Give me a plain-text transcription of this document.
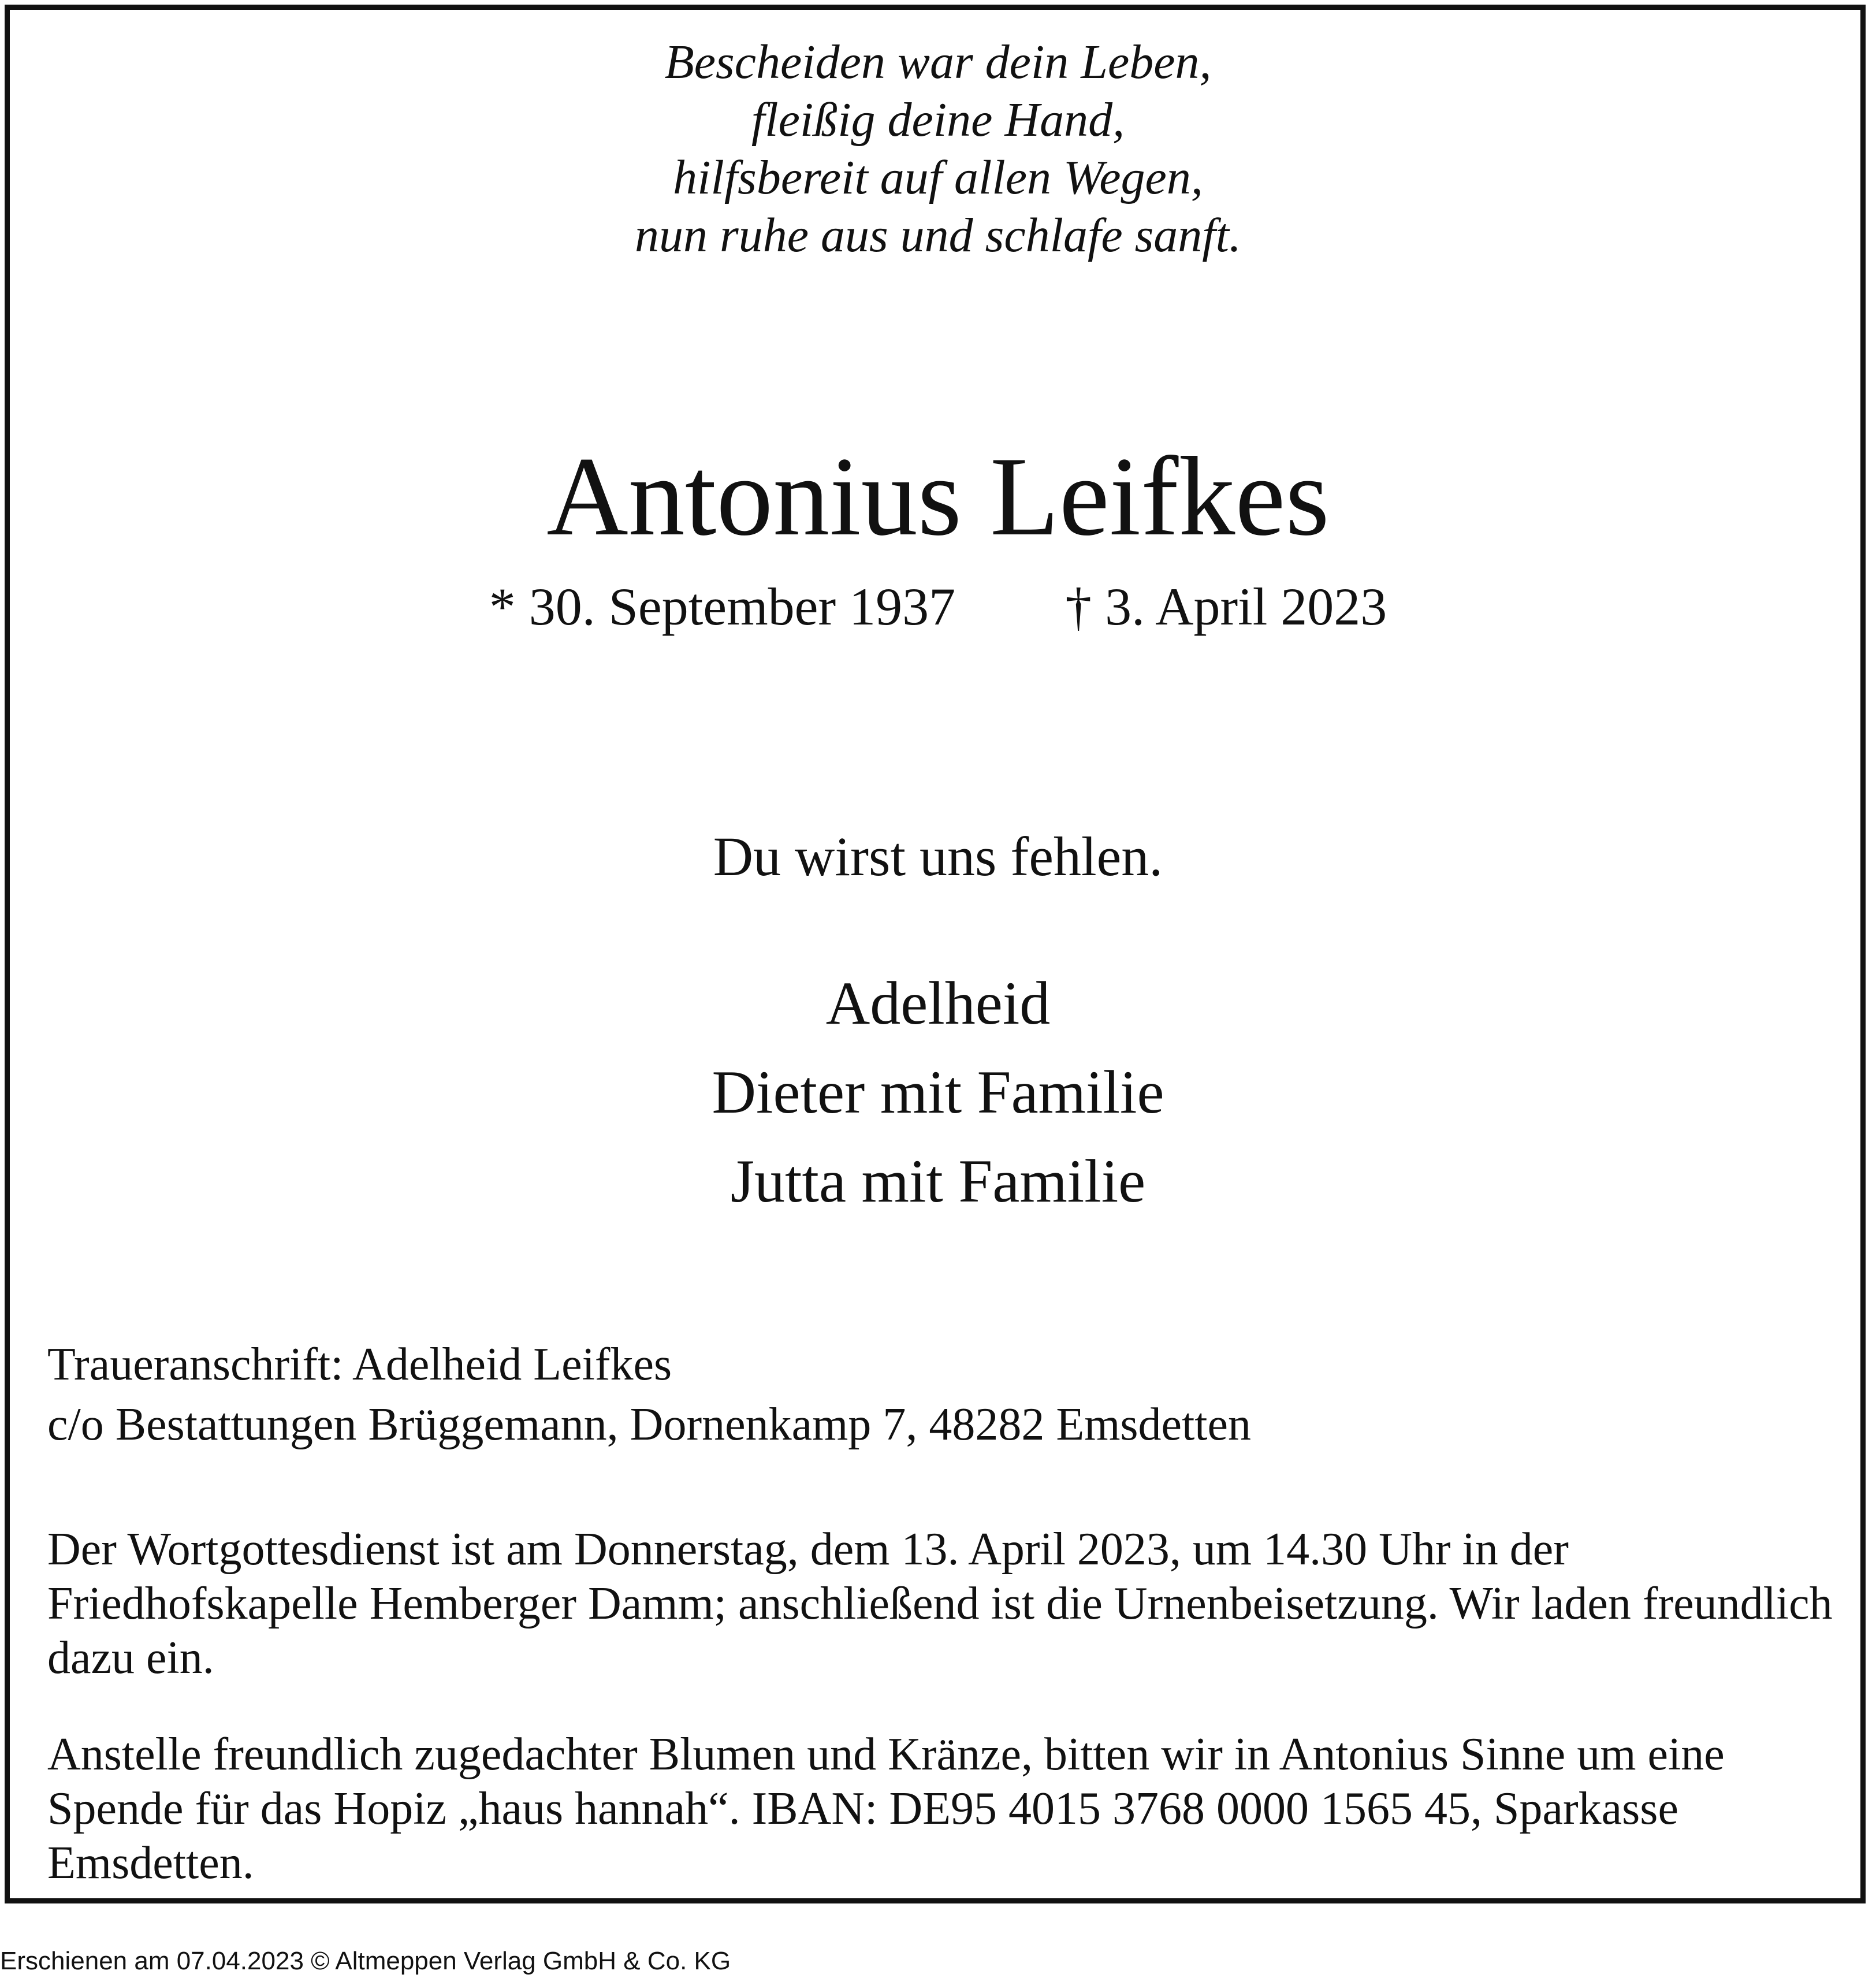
Bescheiden war dein Leben,
fleißig deine Hand,
hilfsbereit auf allen Wegen,
nun ruhe aus und schlafe sanft.
Antonius Leifkes
* 30. September 1937 † 3. April 2023
Du wirst uns fehlen.
Adelheid
Dieter mit Familie
Jutta mit Familie
Traueranschrift: Adelheid Leifkes
c/o Bestattungen Brüggemann, Dornenkamp 7, 48282 Emsdetten
Der Wortgottesdienst ist am Donnerstag, dem 13. April 2023, um 14.30 Uhr in der Friedhofskapelle Hemberger Damm; anschließend ist die Urnenbeisetzung. Wir laden freundlich dazu ein.
Anstelle freundlich zugedachter Blumen und Kränze, bitten wir in Antonius Sinne um eine Spende für das Hopiz „haus hannah“. IBAN: DE95 4015 3768 0000 1565 45, Sparkasse Emsdetten.
Erschienen am 07.04.2023 © Altmeppen Verlag GmbH & Co. KG
